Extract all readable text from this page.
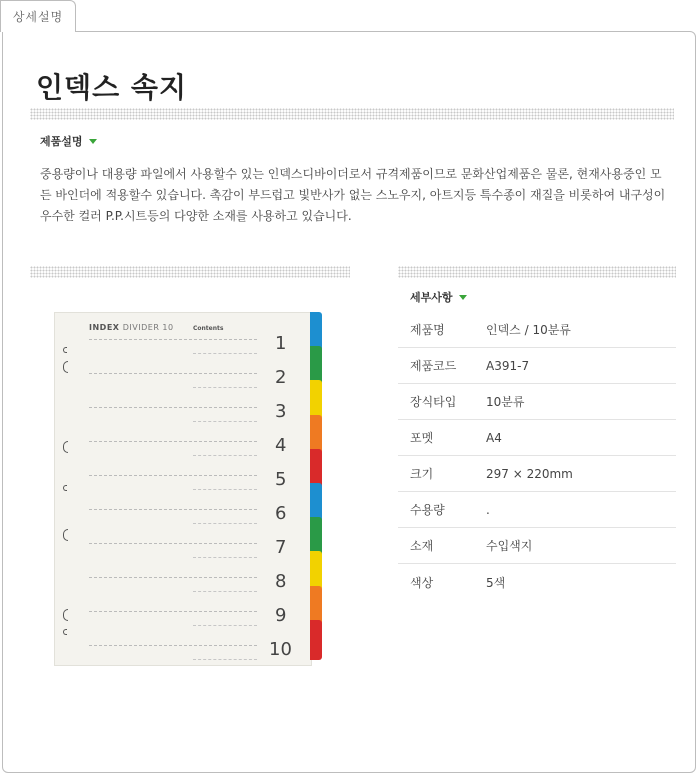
상세설명
인덱스 속지
제품설명

중용량이나 대용량 파일에서 사용할수 있는 인덱스디바이더로서 규격제품이므로 문화산업제품은 물론, 현재사용중인 모든 바인더에 적용할수 있습니다. 촉감이 부드럽고 빛반사가 없는 스노우지, 아트지등 특수종이 재질을 비롯하여 내구성이 우수한 컬러 P.P.시트등의 다양한 소재를 사용하고 있습니다.

세부사항
제품명	인덱스 / 10분류
제품코드	A391-7
장식타입	10분류
포멧	A4
크기	297 × 220mm
수용량	.
소재	수입색지
색상	5색
INDEX DIVIDER 10	Contents
1
2
3
4
5
6
7
8
9
10
